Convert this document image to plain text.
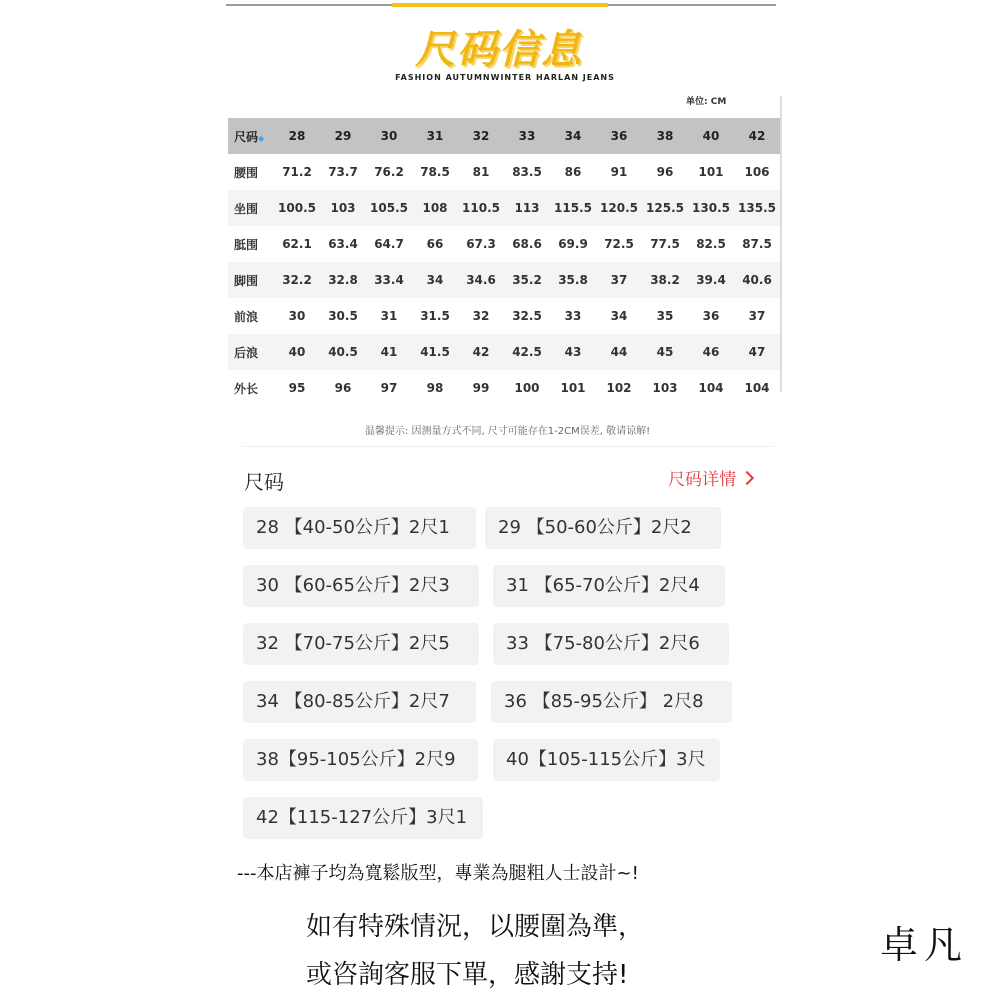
尺码信息
FASHION AUTUMNWINTER HARLAN JEANS
单位: CM
尺码◆	28	29	30	31	32	33	34	36	38	40	42
腰围	71.2	73.7	76.2	78.5	81	83.5	86	91	96	101	106
坐围	100.5	103	105.5	108	110.5	113	115.5	120.5	125.5	130.5	135.5
胝围	62.1	63.4	64.7	66	67.3	68.6	69.9	72.5	77.5	82.5	87.5
脚围	32.2	32.8	33.4	34	34.6	35.2	35.8	37	38.2	39.4	40.6
前浪	30	30.5	31	31.5	32	32.5	33	34	35	36	37
后浪	40	40.5	41	41.5	42	42.5	43	44	45	46	47
外长	95	96	97	98	99	100	101	102	103	104	104
温馨提示: 因测量方式不同, 尺寸可能存在1-2CM误差, 敬请谅解!
尺码	尺码详情
28 【40-50公斤】2尺1	29 【50-60公斤】2尺2
30 【60-65公斤】2尺3	31 【65-70公斤】2尺4
32 【70-75公斤】2尺5	33 【75-80公斤】2尺6
34 【80-85公斤】2尺7	36 【85-95公斤】 2尺8
38【95-105公斤】2尺9	40【105-115公斤】3尺
42【115-127公斤】3尺1
---本店褲子均為寬鬆版型，專業為腿粗人士設計~!
如有特殊情況，以腰圍為準，
或咨詢客服下單，感謝支持!
卓凡
